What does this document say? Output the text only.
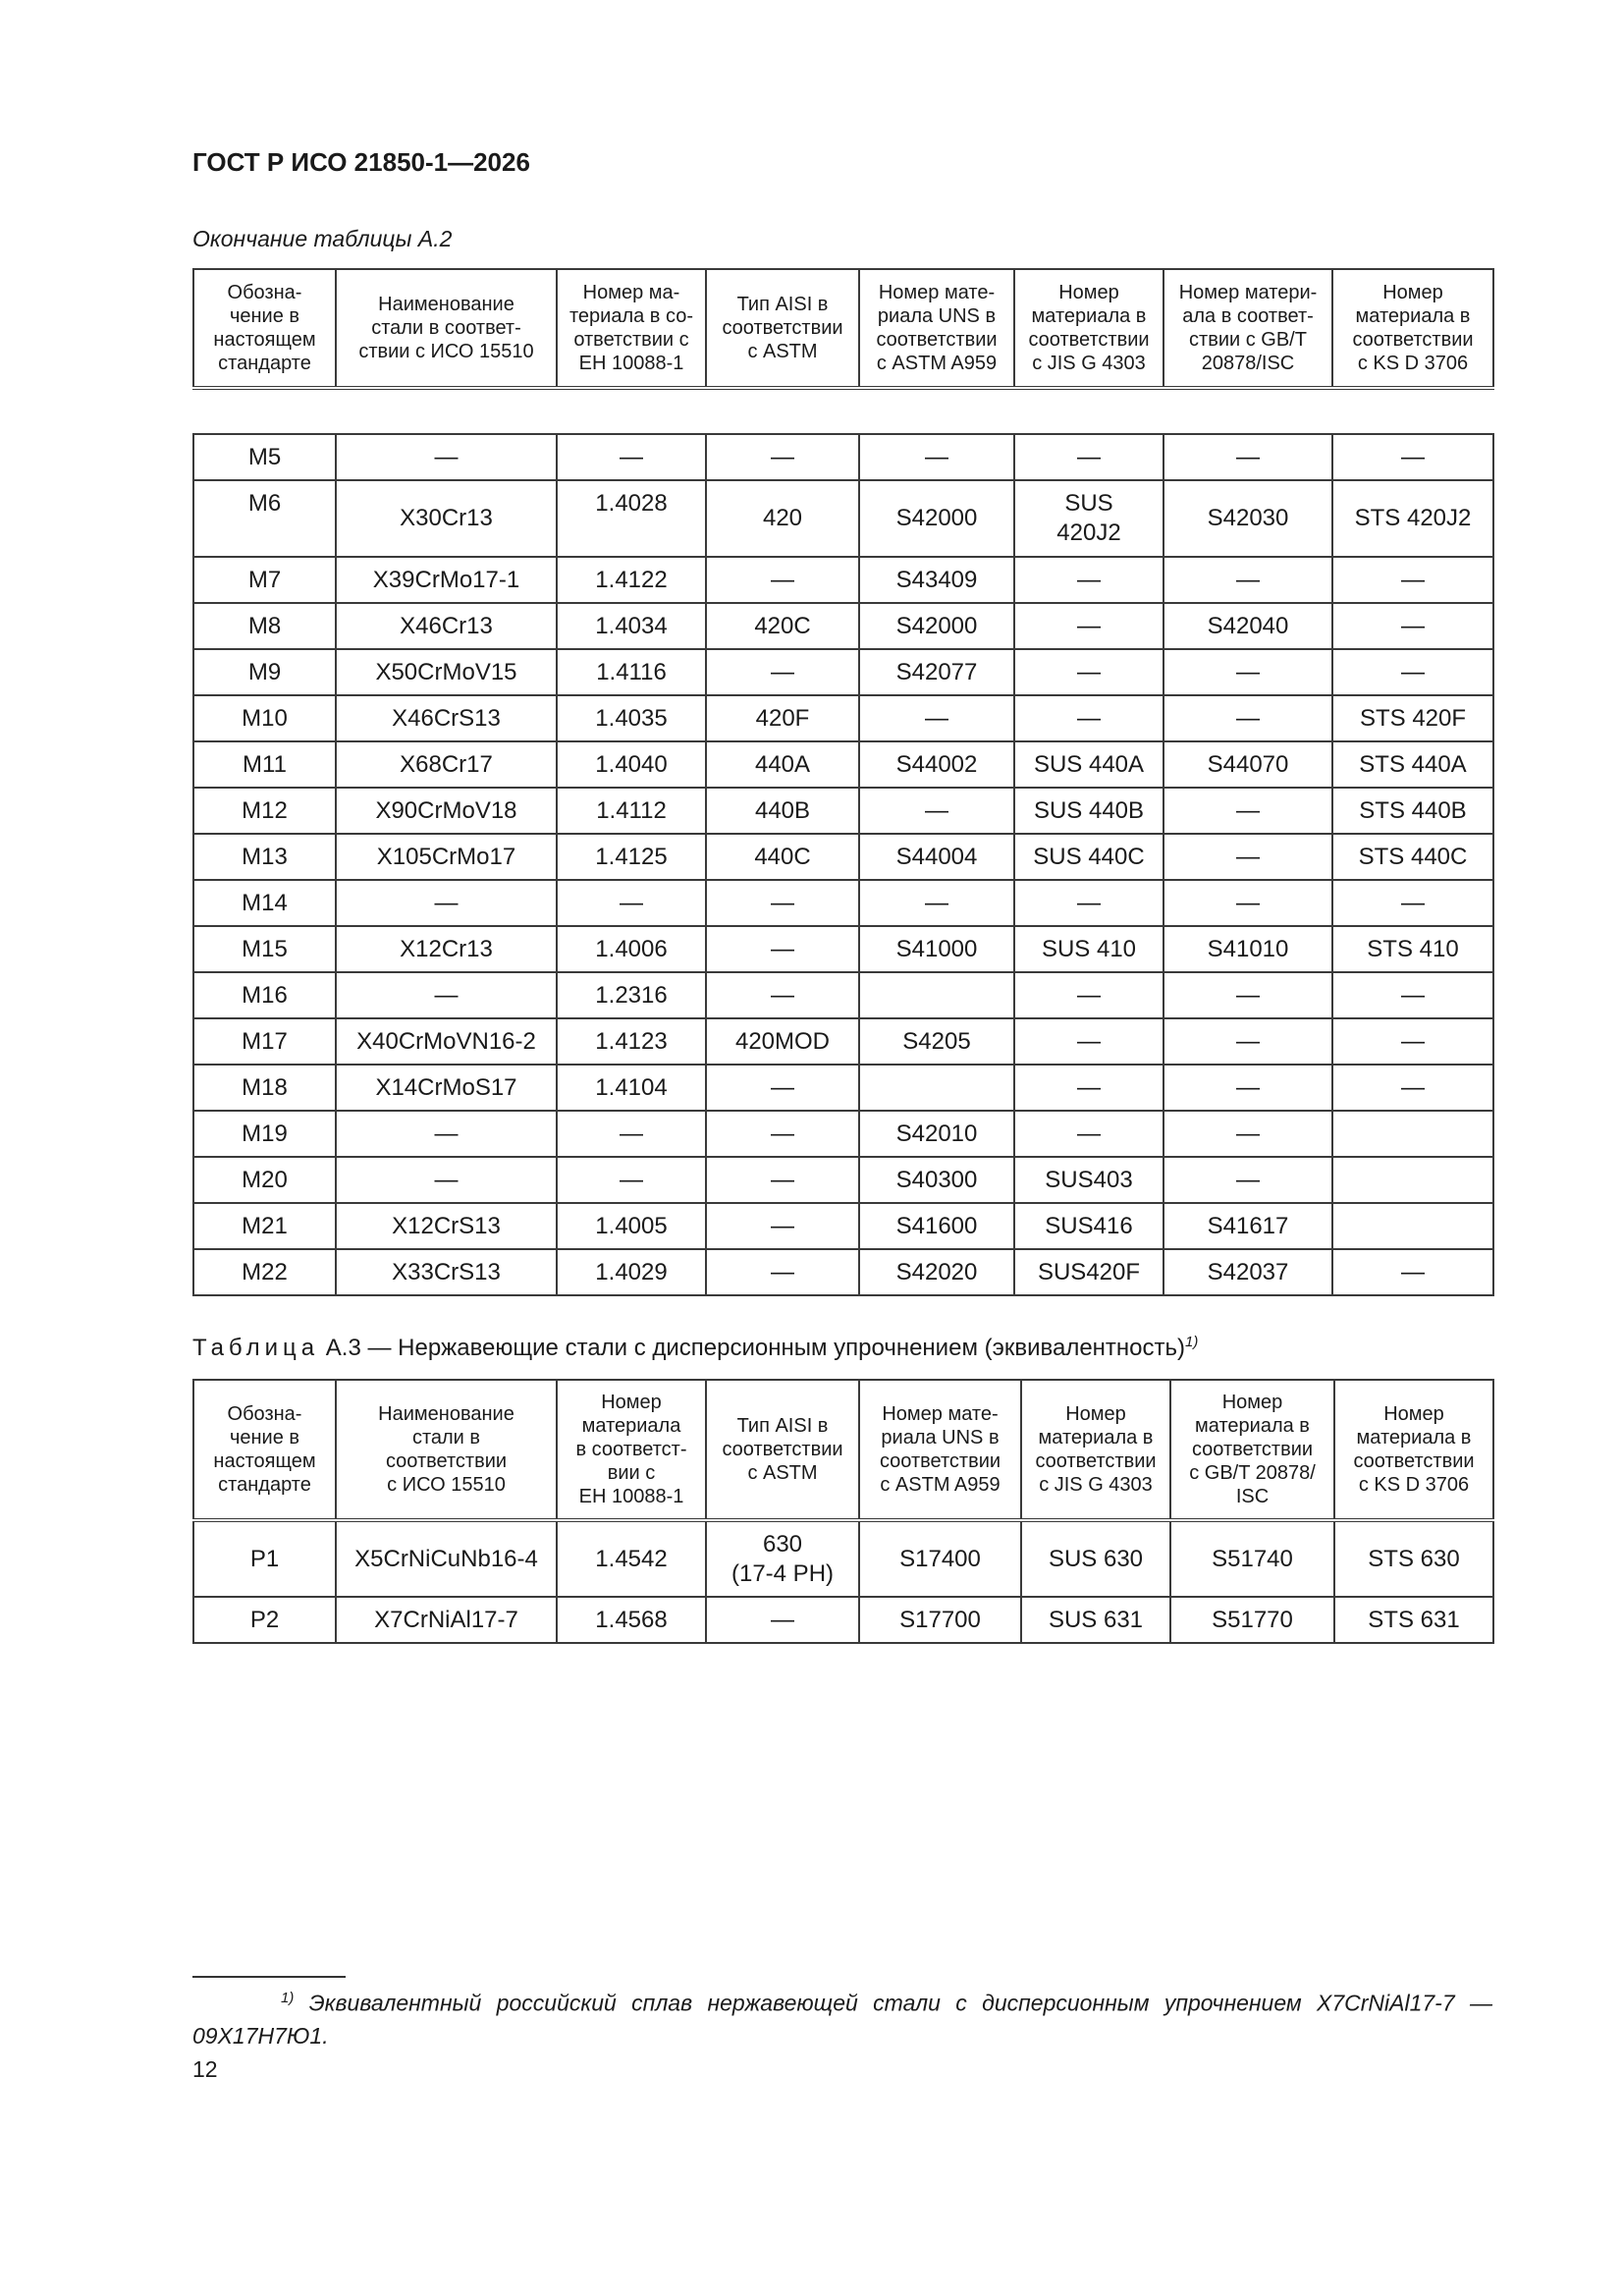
ГОСТ Р ИСО 21850-1—2026
Окончание таблицы А.2
Обозна-
чение в
настоящем
стандарте	Наименование
стали в соответ-
ствии с ИСО 15510	Номер ма-
териала в со-
ответствии с
ЕН 10088-1	Тип AISI в
соответствии
с ASTM	Номер мате-
риала UNS в
соответствии
с ASTM A959	Номер
материала в
соответствии
с JIS G 4303	Номер матери-
ала в соответ-
ствии с GB/T
20878/ISC	Номер
материала в
соответствии
с KS D 3706

M5	—	—	—	—	—	—	—
M6	X30Cr13	1.4028	420	S42000	SUS
420J2	S42030	STS 420J2
M7	X39CrMo17-1	1.4122	—	S43409	—	—	—
M8	X46Cr13	1.4034	420C	S42000	—	S42040	—
M9	X50CrMoV15	1.4116	—	S42077	—	—	—
M10	X46CrS13	1.4035	420F	—	—	—	STS 420F
M11	X68Cr17	1.4040	440A	S44002	SUS 440A	S44070	STS 440A
M12	X90CrMoV18	1.4112	440B	—	SUS 440B	—	STS 440B
M13	X105CrMo17	1.4125	440C	S44004	SUS 440C	—	STS 440C
M14	—	—	—	—	—	—	—
M15	X12Cr13	1.4006	—	S41000	SUS 410	S41010	STS 410
M16	—	1.2316	—		—	—	—
M17	X40CrMoVN16-2	1.4123	420MOD	S4205	—	—	—
M18	X14CrMoS17	1.4104	—		—	—	—
M19	—	—	—	S42010	—	—	
M20	—	—	—	S40300	SUS403	—	
M21	X12CrS13	1.4005	—	S41600	SUS416	S41617	
M22	X33CrS13	1.4029	—	S42020	SUS420F	S42037	—
Таблица А.3 — Нержавеющие стали с дисперсионным упрочнением (эквивалентность)$^{1)}$
Обозна-
чение в
настоящем
стандарте	Наименование
стали в
соответствии
с ИСО 15510	Номер
материала
в соответст-
вии с
ЕН 10088-1	Тип AISI в
соответствии
с ASTM	Номер мате-
риала UNS в
соответствии
с ASTM A959	Номер
материала в
соответствии
с JIS G 4303	Номер
материала в
соответствии
с GB/T 20878/
ISC	Номер
материала в
соответствии
с KS D 3706
P1	X5CrNiCuNb16-4	1.4542	630
(17-4 PH)	S17400	SUS 630	S51740	STS 630
P2	X7CrNiAl17-7	1.4568	—	S17700	SUS 631	S51770	STS 631
$^{1)}$ Эквивалентный российский сплав нержавеющей стали с дисперсионным упрочнением X7CrNiAl17-7 — 09Х17Н7Ю1.
12
